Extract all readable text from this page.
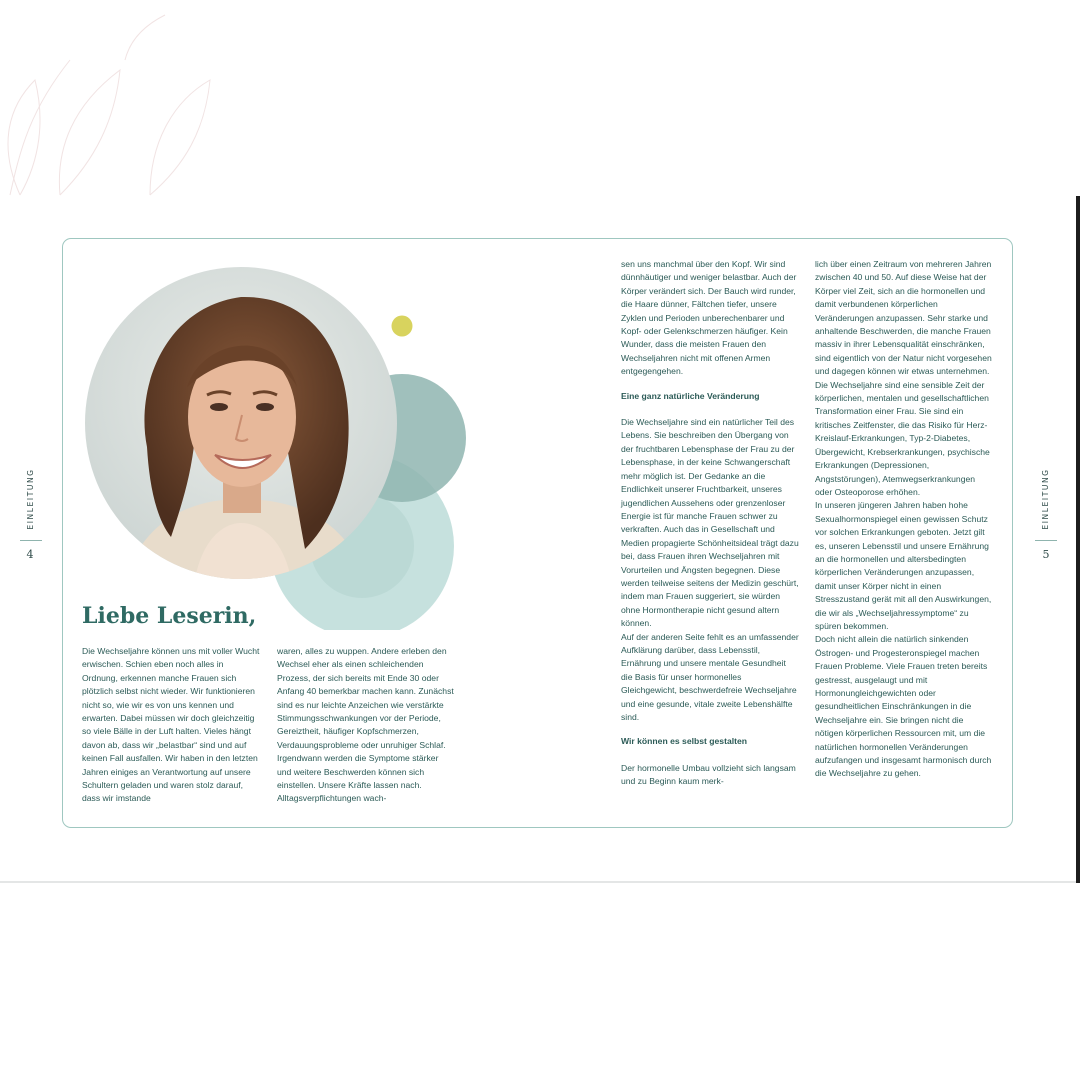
EINLEITUNG
4
EINLEITUNG
5
Liebe Leserin,

Die Wechseljahre können uns mit voller Wucht erwischen. Schien eben noch alles in Ordnung, erkennen manche Frauen sich plötzlich selbst nicht wieder. Wir funktionieren nicht so, wie wir es von uns kennen und erwarten. Dabei müssen wir doch gleichzeitig so viele Bälle in der Luft halten. Vieles hängt davon ab, dass wir „belastbar“ sind und auf keinen Fall ausfallen. Wir haben in den letzten Jahren einiges an Verantwortung auf unsere Schultern geladen und waren stolz darauf, dass wir imstande

waren, alles zu wuppen. Andere erleben den Wechsel eher als einen schleichenden Prozess, der sich bereits mit Ende 30 oder Anfang 40 bemerkbar machen kann. Zunächst sind es nur leichte Anzeichen wie verstärkte Stimmungsschwankungen vor der Periode, Gereiztheit, häufiger Kopfschmerzen, Verdauungsprobleme oder unruhiger Schlaf. Irgendwann werden die Symptome stärker und weitere Beschwerden können sich einstellen. Unsere Kräfte lassen nach. Alltagsverpflichtungen wach-

sen uns manchmal über den Kopf. Wir sind dünnhäutiger und weniger belastbar. Auch der Körper verändert sich. Der Bauch wird runder, die Haare dünner, Fältchen tiefer, unsere Zyklen und Perioden unberechenbarer und Kopf- oder Gelenkschmerzen häufiger. Kein Wunder, dass die meisten Frauen den Wechseljahren nicht mit offenen Armen entgegengehen.

Eine ganz natürliche Veränderung

Die Wechseljahre sind ein natürlicher Teil des Lebens. Sie beschreiben den Übergang von der fruchtbaren Lebensphase der Frau zu der Lebensphase, in der keine Schwangerschaft mehr möglich ist. Der Gedanke an die Endlichkeit unserer Fruchtbarkeit, unseres jugendlichen Aussehens oder grenzenloser Energie ist für manche Frauen schwer zu verkraften. Auch das in Gesellschaft und Medien propagierte Schönheitsideal trägt dazu bei, dass Frauen ihren Wechseljahren mit Vorurteilen und Ängsten begegnen. Diese werden teilweise seitens der Medizin geschürt, indem man Frauen suggeriert, sie würden ohne Hormontherapie nicht gesund altern können.

Auf der anderen Seite fehlt es an umfassender Aufklärung darüber, dass Lebensstil, Ernährung und unsere mentale Gesundheit die Basis für unser hormonelles Gleichgewicht, beschwerdefreie Wechseljahre und eine gesunde, vitale zweite Lebenshälfte sind.

Wir können es selbst gestalten

Der hormonelle Umbau vollzieht sich langsam und zu Beginn kaum merk-

lich über einen Zeitraum von mehreren Jahren zwischen 40 und 50. Auf diese Weise hat der Körper viel Zeit, sich an die hormonellen und damit verbundenen körperlichen Veränderungen anzupassen. Sehr starke und anhaltende Beschwerden, die manche Frauen massiv in ihrer Lebensqualität einschränken, sind eigentlich von der Natur nicht vorgesehen und dagegen können wir etwas unternehmen.

Die Wechseljahre sind eine sensible Zeit der körperlichen, mentalen und gesellschaftlichen Transformation einer Frau. Sie sind ein kritisches Zeitfenster, die das Risiko für Herz-Kreislauf-Erkrankungen, Typ-2-Diabetes, Übergewicht, Krebserkrankungen, psychische Erkrankungen (Depressionen, Angststörungen), Atemwegserkrankungen oder Osteoporose erhöhen.

In unseren jüngeren Jahren haben hohe Sexualhormonspiegel einen gewissen Schutz vor solchen Erkrankungen geboten. Jetzt gilt es, unseren Lebensstil und unsere Ernährung an die hormonellen und altersbedingten körperlichen Veränderungen anzupassen, damit unser Körper nicht in einen Stresszustand gerät mit all den Auswirkungen, die wir als „Wechseljahressymptome“ zu spüren bekommen.

Doch nicht allein die natürlich sinkenden Östrogen- und Progesteronspiegel machen Frauen Probleme. Viele Frauen treten bereits gestresst, ausgelaugt und mit Hormonungleichgewichten oder gesundheitlichen Einschränkungen in die Wechseljahre ein. Sie bringen nicht die nötigen körperlichen Ressourcen mit, um die natürlichen hormonellen Veränderungen aufzufangen und insgesamt harmonisch durch die Wechseljahre zu gehen.
